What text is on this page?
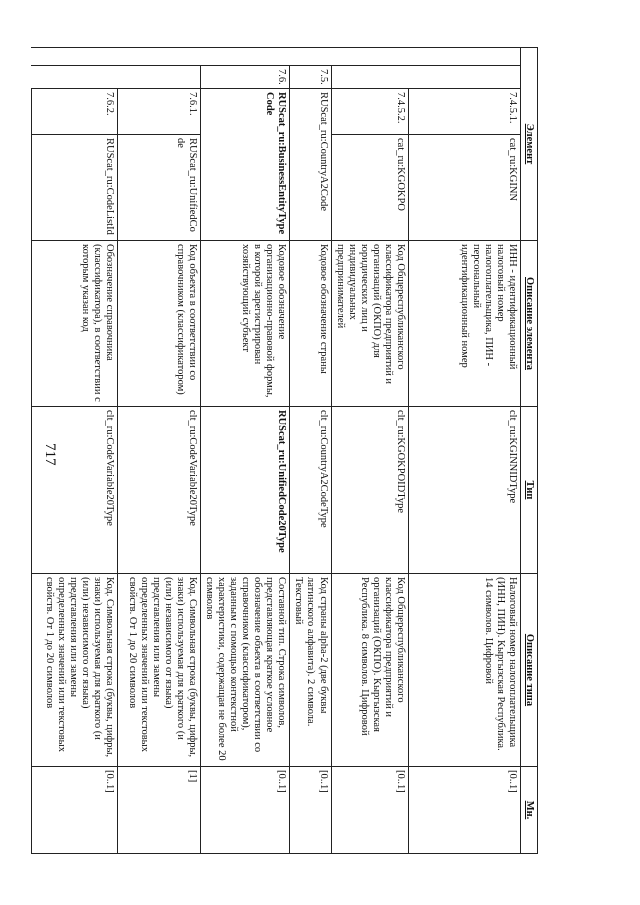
717
Элемент				Описание элемента	Тип	Описание типа	Мн.
		7.4.5.1.	cat_ru:KGINN	ИНН - идентификационный налоговый номер налогоплательщика, ПИН - персональный идентификационный номер	clt_ru:KGINNIDType	Налоговый номер налогоплательщика (ИНН, ПИН). Кыргызская Республика. 14 символов. Цифровой	[0..1]
		7.4.5.2.	cat_ru:KGOKPO	Код Общереспубликанского классификатора предприятий и организаций (ОКПО) для юридических лиц и индивидуальных предпринимателей	clt_ru:KGOKPOIDType	Код Общереспубликанского классификатора предприятий и организаций (ОКПО). Кыргызская Республика. 8 символов. Цифровой	[0..1]
	7.5.	RUScat_ru:CountryA2Code		Кодовое обозначение страны	clt_ru:CountryA2CodeType	Код страны alpha-2 (две буквы латинского алфавита). 2 символа. Текстовый	[0..1]
	7.6.	RUScat_ru:BusinessEntityTypeCode		Кодовое обозначение организационно-правовой формы, в которой зарегистрирован хозяйствующий субъект	RUScat_ru:UnifiedCode20Type	Составной тип. Строка символов, представляющая краткое условное обозначение объекта в соответствии со справочником (классификатором), заданным с помощью контекстной характеристики, содержащая не более 20 символов	[0..1]
		7.6.1.	RUScat_ru:UnifiedCode	Код объекта в соответствии со справочником (классификатором)	clt_ru:CodeVariable20Type	Код. Символьная строка (буквы, цифры, знаки) используемая для краткого (и (или) независимого от языка) представления или замены определенных значений или текстовых свойств. От 1 до 20 символов	[1]
		7.6.2.	RUScat_ru:CodeListId	Обозначение справочника (классификатора), в соответствии с которым указан код	clt_ru:CodeVariable20Type	Код. Символьная строка (буквы, цифры, знаки) используемая для краткого (и (или) независимого от языка) представления или замены определенных значений или текстовых свойств. От 1 до 20 символов	[0..1]
